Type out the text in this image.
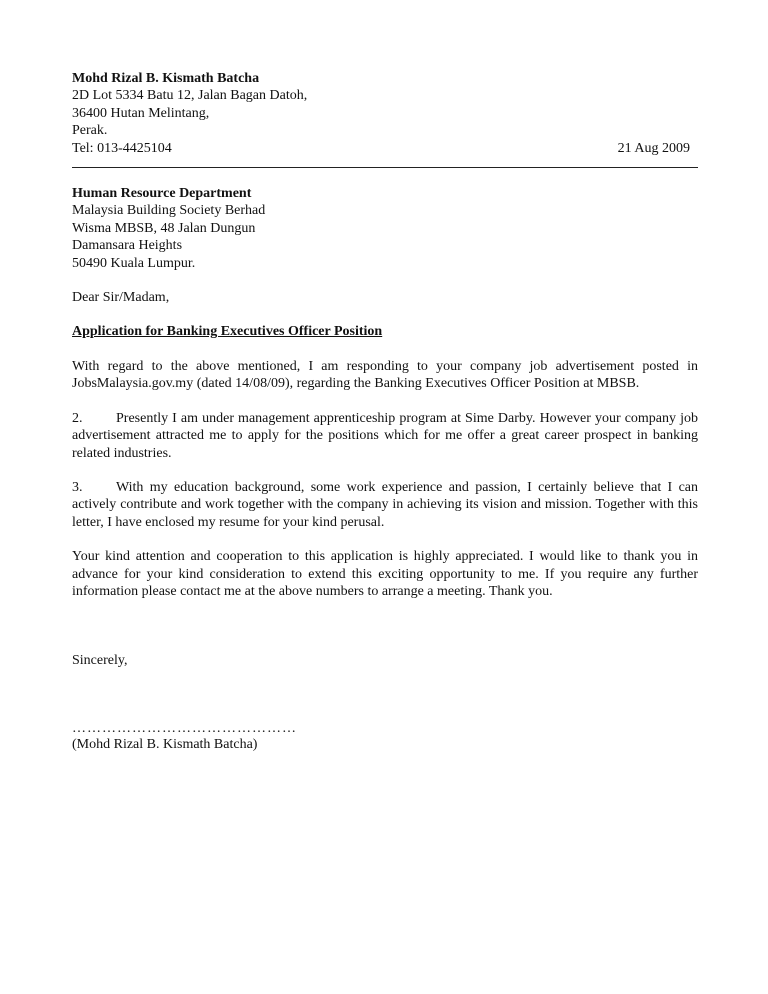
Mohd Rizal B. Kismath Batcha
2D Lot 5334 Batu 12, Jalan Bagan Datoh,
36400 Hutan Melintang,
Perak.
Tel: 013-4425104	21 Aug 2009
Human Resource Department
Malaysia Building Society Berhad
Wisma MBSB, 48 Jalan Dungun
Damansara Heights
50490 Kuala Lumpur.
Dear Sir/Madam,
Application for Banking Executives Officer Position

With regard to the above mentioned, I am responding to your company job advertisement posted in JobsMalaysia.gov.my (dated 14/08/09), regarding the Banking Executives Officer Position at MBSB.

2. Presently I am under management apprenticeship program at Sime Darby. However your company job advertisement attracted me to apply for the positions which for me offer a great career prospect in banking related industries.

3. With my education background, some work experience and passion, I certainly believe that I can actively contribute and work together with the company in achieving its vision and mission. Together with this letter, I have enclosed my resume for your kind perusal.

Your kind attention and cooperation to this application is highly appreciated. I would like to thank you in advance for your kind consideration to extend this exciting opportunity to me. If you require any further information please contact me at the above numbers to arrange a meeting. Thank you.

Sincerely,
………………………………………
(Mohd Rizal B. Kismath Batcha)
